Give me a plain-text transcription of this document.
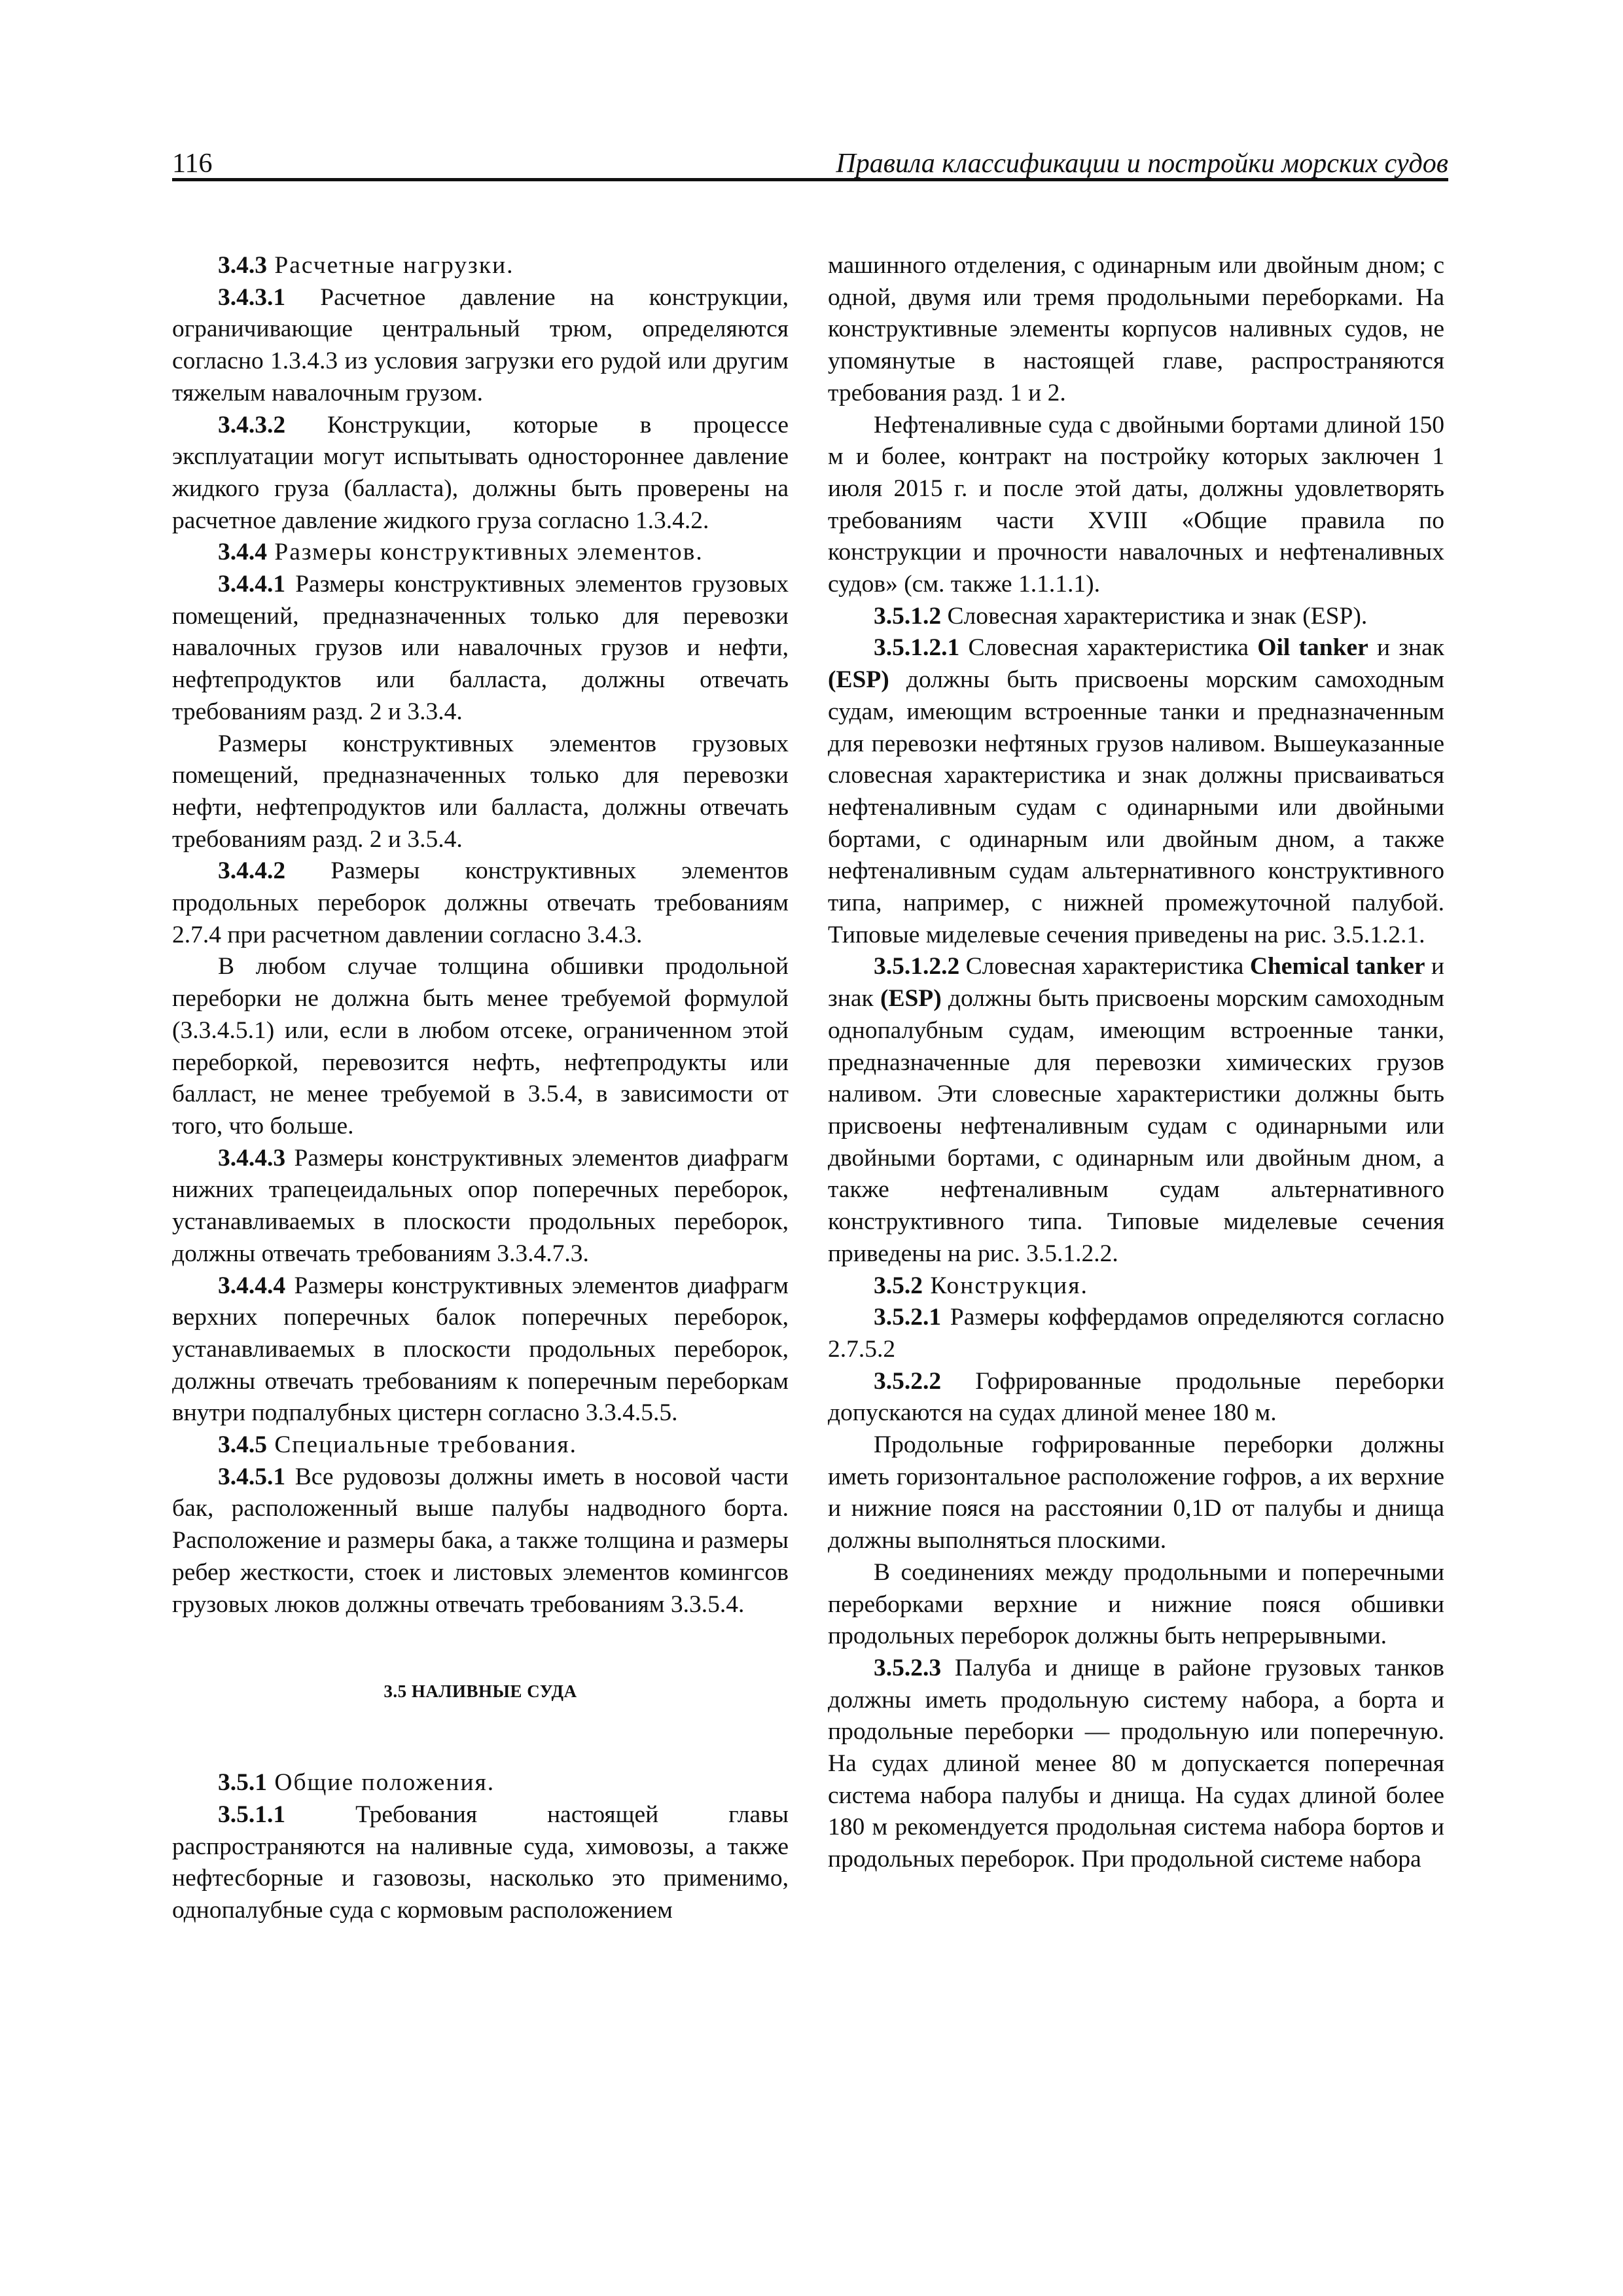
116	Правила классификации и постройки морских судов

3.4.3 Расчетные нагрузки.

3.4.3.1 Расчетное давление на конструкции, ограничивающие центральный трюм, определяются согласно 1.3.4.3 из условия загрузки его рудой или другим тяжелым навалочным грузом.

3.4.3.2 Конструкции, которые в процессе эксплуатации могут испытывать одностороннее давление жидкого груза (балласта), должны быть проверены на расчетное давление жидкого груза согласно 1.3.4.2.

3.4.4 Размеры конструктивных элементов.

3.4.4.1 Размеры конструктивных элементов грузовых помещений, предназначенных только для перевозки навалочных грузов или навалочных грузов и нефти, нефтепродуктов или балласта, должны отвечать требованиям разд. 2 и 3.3.4.

Размеры конструктивных элементов грузовых помещений, предназначенных только для перевозки нефти, нефтепродуктов или балласта, должны отвечать требованиям разд. 2 и 3.5.4.

3.4.4.2 Размеры конструктивных элементов продольных переборок должны отвечать требованиям 2.7.4 при расчетном давлении согласно 3.4.3.

В любом случае толщина обшивки продольной переборки не должна быть менее требуемой формулой (3.3.4.5.1) или, если в любом отсеке, ограниченном этой переборкой, перевозится нефть, нефтепродукты или балласт, не менее требуемой в 3.5.4, в зависимости от того, что больше.

3.4.4.3 Размеры конструктивных элементов диафрагм нижних трапецеидальных опор поперечных переборок, устанавливаемых в плоскости продольных переборок, должны отвечать требованиям 3.3.4.7.3.

3.4.4.4 Размеры конструктивных элементов диафрагм верхних поперечных балок поперечных переборок, устанавливаемых в плоскости продольных переборок, должны отвечать требованиям к поперечным переборкам внутри подпалубных цистерн согласно 3.3.4.5.5.

3.4.5 Специальные требования.

3.4.5.1 Все рудовозы должны иметь в носовой части бак, расположенный выше палубы надводного борта. Расположение и размеры бака, а также толщина и размеры ребер жесткости, стоек и листовых элементов комингсов грузовых люков должны отвечать требованиям 3.3.5.4.

3.5 НАЛИВНЫЕ СУДА

3.5.1 Общие положения.

3.5.1.1 Требования настоящей главы распространяются на наливные суда, химовозы, а также нефтесборные и газовозы, насколько это применимо, однопалубные суда с кормовым расположением

машинного отделения, с одинарным или двойным дном; с одной, двумя или тремя продольными переборками. На конструктивные элементы корпусов наливных судов, не упомянутые в настоящей главе, распространяются требования разд. 1 и 2.

Нефтеналивные суда с двойными бортами длиной 150 м и более, контракт на постройку которых заключен 1 июля 2015 г. и после этой даты, должны удовлетворять требованиям части XVIII «Общие правила по конструкции и прочности навалочных и нефтеналивных судов» (см. также 1.1.1.1).

3.5.1.2 Словесная характеристика и знак (ESP).

3.5.1.2.1 Словесная характеристика Oil tanker и знак (ESP) должны быть присвоены морским самоходным судам, имеющим встроенные танки и предназначенным для перевозки нефтяных грузов наливом. Вышеуказанные словесная характеристика и знак должны присваиваться нефтеналивным судам с одинарными или двойными бортами, с одинарным или двойным дном, а также нефтеналивным судам альтернативного конструктивного типа, например, с нижней промежуточной палубой. Типовые миделевые сечения приведены на рис. 3.5.1.2.1.

3.5.1.2.2 Словесная характеристика Chemical tanker и знак (ESP) должны быть присвоены морским самоходным однопалубным судам, имеющим встроенные танки, предназначенные для перевозки химических грузов наливом. Эти словесные характеристики должны быть присвоены нефтеналивным судам с одинарными или двойными бортами, с одинарным или двойным дном, а также нефтеналивным судам альтернативного конструктивного типа. Типовые миделевые сечения приведены на рис. 3.5.1.2.2.

3.5.2 Конструкция.

3.5.2.1 Размеры коффердамов определяются согласно 2.7.5.2

3.5.2.2 Гофрированные продольные переборки допускаются на судах длиной менее 180 м.

Продольные гофрированные переборки должны иметь горизонтальное расположение гофров, а их верхние и нижние пояся на расстоянии 0,1D от палубы и днища должны выполняться плоскими.

В соединениях между продольными и поперечными переборками верхние и нижние пояся обшивки продольных переборок должны быть непрерывными.

3.5.2.3 Палуба и днище в районе грузовых танков должны иметь продольную систему набора, а борта и продольные переборки — продольную или поперечную. На судах длиной менее 80 м допускается поперечная система набора палубы и днища. На судах длиной более 180 м рекомендуется продольная система набора бортов и продольных переборок. При продольной системе набора
